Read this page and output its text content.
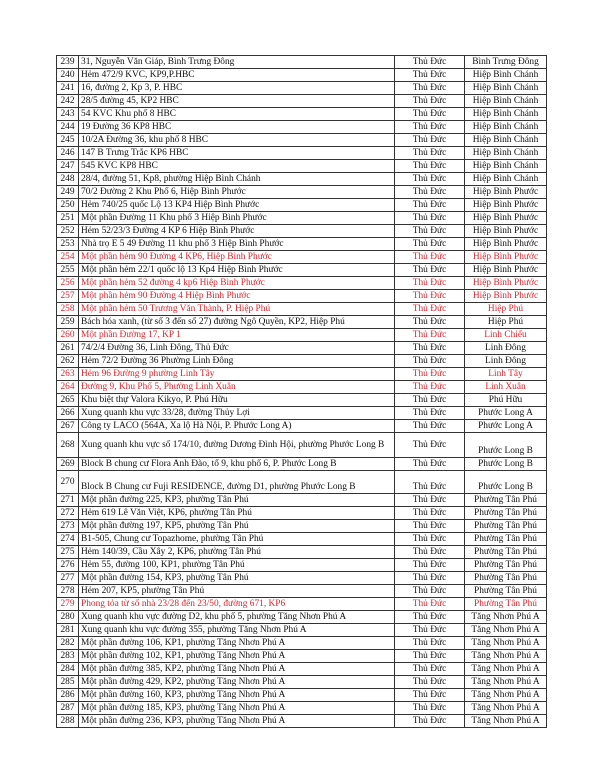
239	31, Nguyễn Văn Giáp, Bình Trưng Đông	Thủ Đức	Bình Trưng Đông
240	Hẻm 472/9 KVC, KP9,P.HBC	Thủ Đức	Hiệp Bình Chánh
241	16, đường 2, Kp 3, P. HBC	Thủ Đức	Hiệp Bình Chánh
242	28/5 đường 45, KP2 HBC	Thủ Đức	Hiệp Bình Chánh
243	54 KVC Khu phố 8 HBC	Thủ Đức	Hiệp Bình Chánh
244	19 Đường 36 KP8 HBC	Thủ Đức	Hiệp Bình Chánh
245	10/2A Đường 36, khu phố 8 HBC	Thủ Đức	Hiệp Bình Chánh
246	147 B Trưng Trắc KP6 HBC	Thủ Đức	Hiệp Bình Chánh
247	545 KVC KP8 HBC	Thủ Đức	Hiệp Bình Chánh
248	28/4, đường 51, Kp8, phường Hiệp Bình Chánh	Thủ Đức	Hiệp Bình Chánh
249	70/2 Đường 2 Khu Phố 6, Hiệp Bình Phước	Thủ Đức	Hiệp Bình Phước
250	Hẻm 740/25 quốc Lộ 13 KP4 Hiệp Bình Phước	Thủ Đức	Hiệp Bình Phước
251	Một phần Đường 11 Khu phố 3 Hiệp Bình Phước	Thủ Đức	Hiệp Bình Phước
252	Hẻm 52/23/3 Đường 4 KP 6 Hiệp Bình Phước	Thủ Đức	Hiệp Bình Phước
253	Nhà trọ E 5 49 Đường 11 khu phố 3 Hiệp Bình Phước	Thủ Đức	Hiệp Bình Phước
254	Một phần hẻm 90 Đường 4 KP6, Hiệp Bình Phước	Thủ Đức	Hiệp Bình Phước
255	Một phần hẻm 22/1 quốc lộ 13 Kp4 Hiệp Bình Phước	Thủ Đức	Hiệp Bình Phước
256	Một phần hẻm 52 đường 4 kp6 Hiệp Bình Phước	Thủ Đức	Hiệp Bình Phước
257	Một phần hẻm 90 Đường 4 Hiệp Bình Phước	Thủ Đức	Hiệp Bình Phước
258	Một phần hẻm 50 Trương Văn Thành, P. Hiệp Phú	Thủ Đức	Hiệp Phú
259	Bách hóa xanh, (từ số 3 đến số 27) đường Ngô Quyền, KP2, Hiệp Phú	Thủ Đức	Hiệp Phú
260	Một phần Đường 17, KP 1	Thủ Đức	Linh Chiểu
261	74/2/4 Đường 36, Linh Đông, Thủ Đức	Thủ Đức	Linh Đông
262	Hẻm 72/2 Đường 36 Phường Linh Đông	Thủ Đức	Linh Đông
263	Hẻm 96 Đường 9 phường Linh Tây	Thủ Đức	Linh Tây
264	Đường 9, Khu Phố 5, Phường Linh Xuân	Thủ Đức	Linh Xuân
265	Khu biệt thự Valora Kikyo, P. Phú Hữu	Thủ Đức	Phú Hữu
266	Xung quanh khu vực 33/28, đường Thủy Lợi	Thủ Đức	Phước Long A
267	Công ty LACO (564A, Xa lộ Hà Nội, P. Phước Long A)	Thủ Đức	Phước Long A
268	Xung quanh khu vực số 174/10, đường Dương Đình Hội, phường Phước Long B	Thủ Đức	Phước Long B
269	Block B chung cư Flora Anh Đào, tổ 9, khu phố 6, P. Phước Long B	Thủ Đức	Phước Long B
270	Block B Chung cư Fuji RESIDENCE, đường D1, phường Phước Long B	Thủ Đức	Phước Long B
271	Một phần đường 225, KP3, phường Tân Phú	Thủ Đức	Phường Tân Phú
272	Hẻm 619 Lê Văn Việt, KP6, phường Tân Phú	Thủ Đức	Phường Tân Phú
273	Một phần đường 197, KP5, phường Tân Phú	Thủ Đức	Phường Tân Phú
274	B1-505, Chung cư Topazhome, phường Tân Phú	Thủ Đức	Phường Tân Phú
275	Hẻm 140/39, Cầu Xây 2, KP6, phường Tân Phú	Thủ Đức	Phường Tân Phú
276	Hẻm 55, đường 100, KP1, phường Tân Phú	Thủ Đức	Phường Tân Phú
277	Một phần đường 154, KP3, phường Tân Phú	Thủ Đức	Phường Tân Phú
278	Hẻm 207, KP5, phường Tân Phú	Thủ Đức	Phường Tân Phú
279	Phong tỏa từ số nhà 23/28 đến 23/50, đường 671, KP6	Thủ Đức	Phường Tân Phú
280	Xung quanh khu vực đường D2, khu phố 5, phường Tăng Nhơn Phú A	Thủ Đức	Tăng Nhơn Phú A
281	Xung quanh khu vực đường 355, phường Tăng Nhơn Phú A	Thủ Đức	Tăng Nhơn Phú A
282	Một phần đường 106, KP1, phường Tăng Nhơn Phú A	Thủ Đức	Tăng Nhơn Phú A
283	Một phần đường 102, KP1, phường Tăng Nhơn Phú A	Thủ Đức	Tăng Nhơn Phú A
284	Một phần đường 385, KP2, phường Tăng Nhơn Phú A	Thủ Đức	Tăng Nhơn Phú A
285	Một phần đường 429, KP2, phường Tăng Nhơn Phú A	Thủ Đức	Tăng Nhơn Phú A
286	Một phần đường 160, KP3, phường Tăng Nhơn Phú A	Thủ Đức	Tăng Nhơn Phú A
287	Một phần đường 185, KP3, phường Tăng Nhơn Phú A	Thủ Đức	Tăng Nhơn Phú A
288	Một phần đường 236, KP3, phường Tăng Nhơn Phú A	Thủ Đức	Tăng Nhơn Phú A
